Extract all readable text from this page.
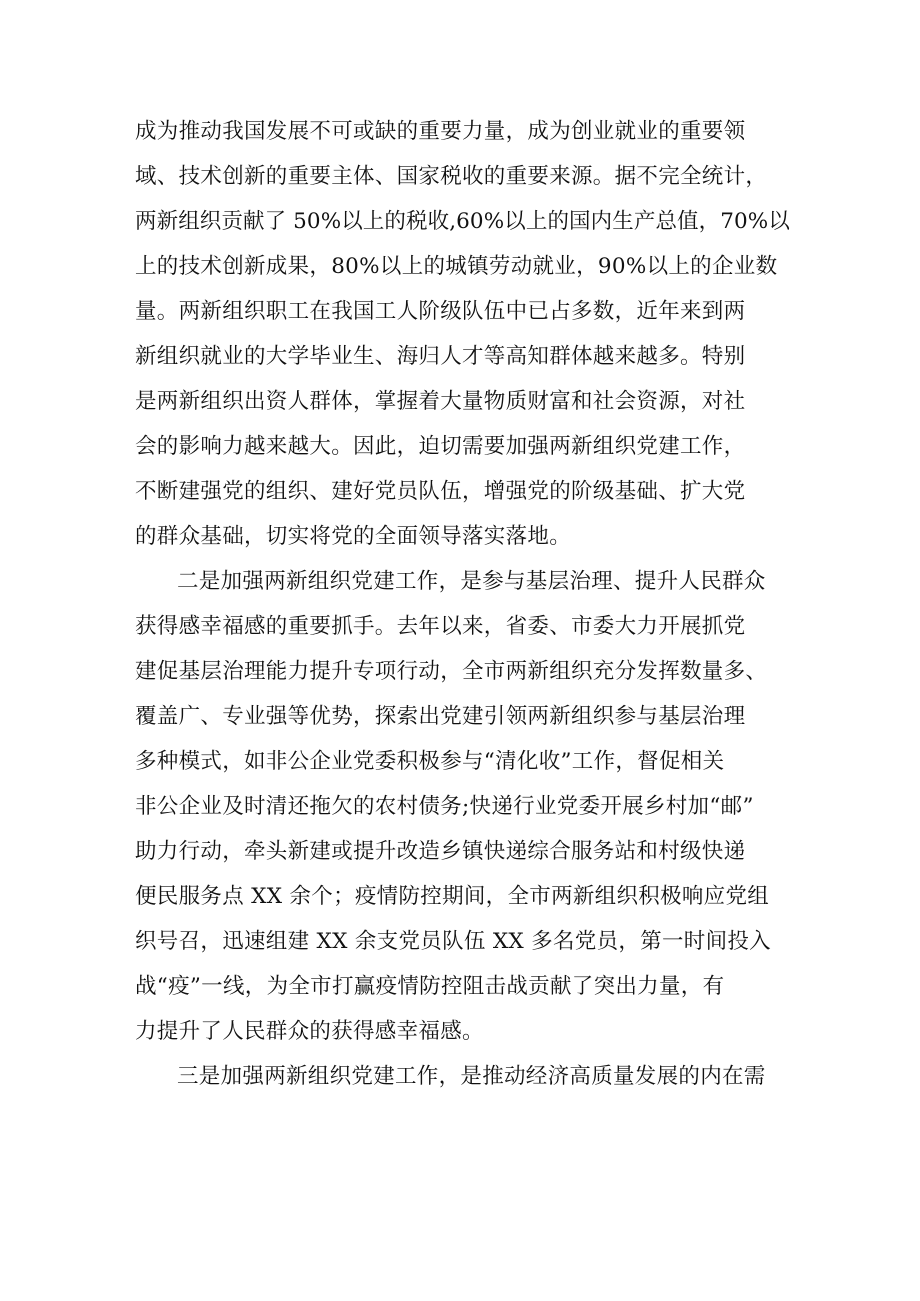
成为推动我国发展不可或缺的重要力量，成为创业就业的重要领
域、技术创新的重要主体、国家税收的重要来源。据不完全统计，
两新组织贡献了 50%以上的税收,60%以上的国内生产总值，70%以
上的技术创新成果，80%以上的城镇劳动就业，90%以上的企业数
量。两新组织职工在我国工人阶级队伍中已占多数，近年来到两
新组织就业的大学毕业生、海归人才等高知群体越来越多。特别
是两新组织出资人群体，掌握着大量物质财富和社会资源，对社
会的影响力越来越大。因此，迫切需要加强两新组织党建工作，
不断建强党的组织、建好党员队伍，增强党的阶级基础、扩大党
的群众基础，切实将党的全面领导落实落地。
二是加强两新组织党建工作，是参与基层治理、提升人民群众
获得感幸福感的重要抓手。去年以来，省委、市委大力开展抓党
建促基层治理能力提升专项行动，全市两新组织充分发挥数量多、
覆盖广、专业强等优势，探索出党建引领两新组织参与基层治理
多种模式，如非公企业党委积极参与“清化收”工作，督促相关
非公企业及时清还拖欠的农村债务;快递行业党委开展乡村加“邮”
助力行动，牵头新建或提升改造乡镇快递综合服务站和村级快递
便民服务点 XX 余个；疫情防控期间，全市两新组织积极响应党组
织号召，迅速组建 XX 余支党员队伍 XX 多名党员，第一时间投入
战“疫”一线，为全市打赢疫情防控阻击战贡献了突出力量，有
力提升了人民群众的获得感幸福感。
三是加强两新组织党建工作，是推动经济高质量发展的内在需
